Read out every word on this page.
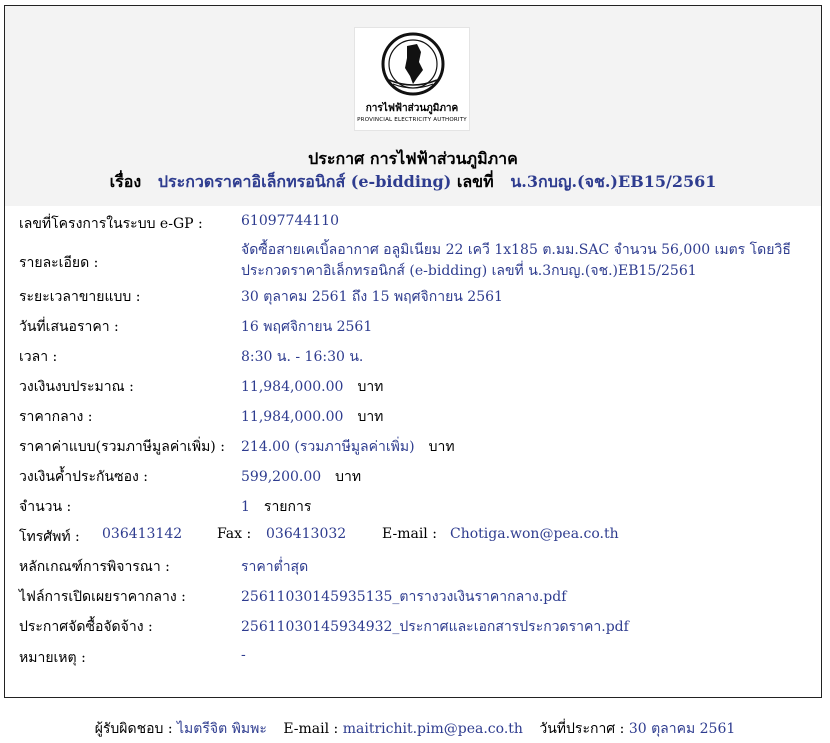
การไฟฟ้าส่วนภูมิภาค
PROVINCIAL ELECTRICITY AUTHORITY
ประกาศ การไฟฟ้าส่วนภูมิภาค
เรื่อง ประกวดราคาอิเล็กทรอนิกส์ (e-bidding) เลขที่ น.3กบญ.(จช.)EB15/2561
เลขที่โครงการในระบบ e-GP :	61097744110
รายละเอียด :
จัดซื้อสายเคเบิ้ลอากาศ อลูมิเนียม 22 เควี 1x185 ต.มม.SAC จำนวน 56,000 เมตร โดยวิธีประกวดราคาอิเล็กทรอนิกส์ (e-bidding) เลขที่ น.3กบญ.(จช.)EB15/2561
ระยะเวลาขายแบบ :	30 ตุลาคม 2561 ถึง 15 พฤศจิกายน 2561
วันที่เสนอราคา :	16 พฤศจิกายน 2561
เวลา :	8:30 น. - 16:30 น.
วงเงินงบประมาณ :	11,984,000.00 บาท
ราคากลาง :	11,984,000.00 บาท
ราคาค่าแบบ(รวมภาษีมูลค่าเพิ่ม) : 214.00 (รวมภาษีมูลค่าเพิ่ม) บาท
วงเงินค้ำประกันซอง :	599,200.00 บาท
จำนวน :	1 รายการ
โทรศัพท์ : 036413142 Fax : 036413032	E-mail : Chotiga.won@pea.co.th
หลักเกณฑ์การพิจารณา :	ราคาต่ำสุด
ไฟล์การเปิดเผยราคากลาง :	25611030145935135_ตารางวงเงินราคากลาง.pdf
ประกาศจัดซื้อจัดจ้าง :	25611030145934932_ประกาศและเอกสารประกวดราคา.pdf
หมายเหตุ :	-
ผู้รับผิดชอบ : ไมตรีจิต พิมพะ E-mail : maitrichit.pim@pea.co.th วันที่ประกาศ : 30 ตุลาคม 2561
